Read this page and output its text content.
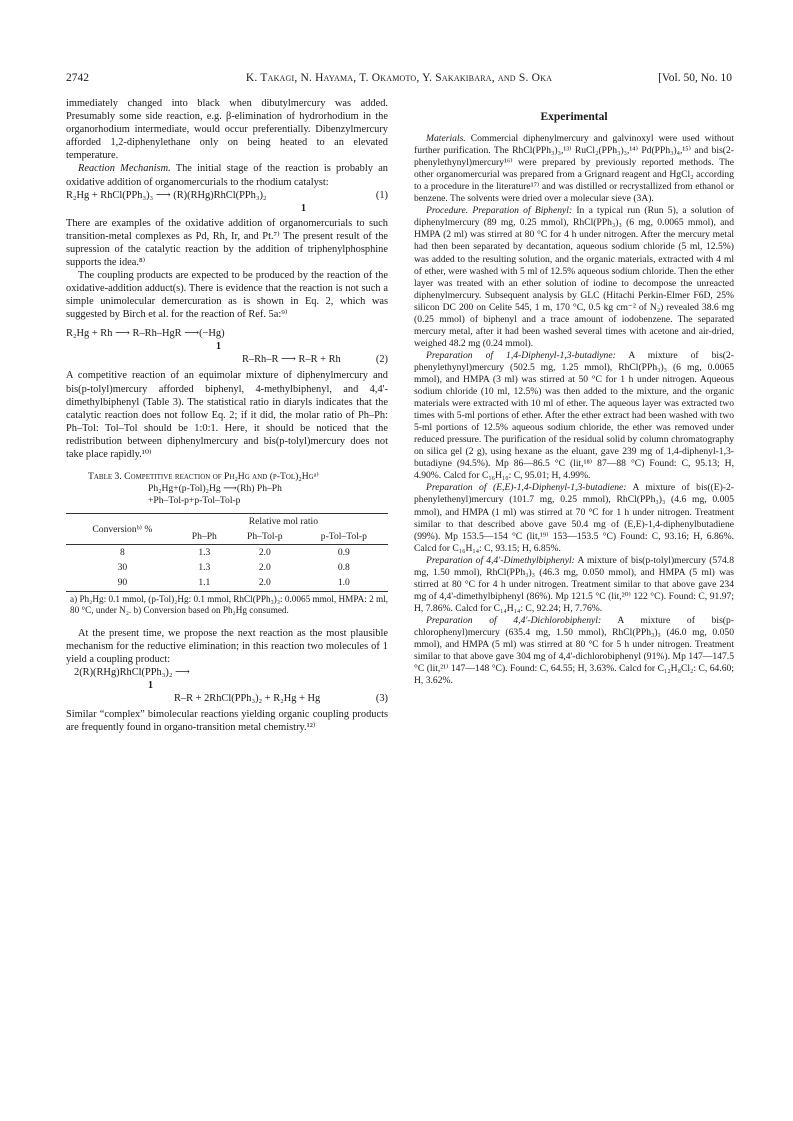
2742	K. Takagi, N. Hayama, T. Okamoto, Y. Sakakibara, and S. Oka	[Vol. 50, No. 10

immediately changed into black when dibutylmercury was added. Presumably some side reaction, e.g. β-elimination of hydrorhodium in the organorhodium intermediate, would occur preferentially. Dibenzylmercury afforded 1,2-diphenylethane only on being heated to an elevated temperature.

Reaction Mechanism. The initial stage of the reaction is probably an oxidative addition of organomercurials to the rhodium catalyst:

R₂Hg + RhCl(PPh₃)₃ ⟶ (R)(RHg)RhCl(PPh₃)₂	(1)
1

There are examples of the oxidative addition of organomercurials to such transition-metal complexes as Pd, Rh, Ir, and Pt.⁷⁾ The present result of the supression of the catalytic reaction by the addition of triphenylphosphine supports the idea.⁸⁾

The coupling products are expected to be produced by the reaction of the oxidative-addition adduct(s). There is evidence that the reaction is not such a simple unimolecular demercuration as is shown in Eq. 2, which was suggested by Birch et al. for the reaction of Ref. 5a:⁹⁾

R₂Hg + Rh ⟶ R–Rh–HgR ⟶(−Hg)
1
R–Rh–R ⟶ R–R + Rh	(2)

A competitive reaction of an equimolar mixture of diphenylmercury and bis(p-tolyl)mercury afforded biphenyl, 4-methylbiphenyl, and 4,4'-dimethylbiphenyl (Table 3). The statistical ratio in diaryls indicates that the catalytic reaction does not follow Eq. 2; if it did, the molar ratio of Ph–Ph: Ph–Tol: Tol–Tol should be 1:0:1. Here, it should be noticed that the redistribution between diphenylmercury and bis(p-tolyl)mercury does not take place rapidly.¹⁰⁾

Table 3. Competitive reaction of Ph₂Hg and (p-Tol)₂Hgᵃ⁾
Ph₂Hg+(p-Tol)₂Hg ⟶(Rh) Ph–Ph
+Ph–Tol-p+p-Tol–Tol-p
Conversionᵇ⁾ %	Relative mol ratio		
	Ph–Ph	Ph–Tol-p	p-Tol–Tol-p
8	1.3	2.0	0.9
30	1.3	2.0	0.8
90	1.1	2.0	1.0
a) Ph₂Hg: 0.1 mmol, (p-Tol)₂Hg: 0.1 mmol, RhCl(PPh₃)₃: 0.0065 mmol, HMPA: 2 ml, 80 °C, under N₂. b) Conversion based on Ph₂Hg consumed.

At the present time, we propose the next reaction as the most plausible mechanism for the reductive elimination; in this reaction two molecules of 1 yield a coupling product:

2(R)(RHg)RhCl(PPh₃)₂ ⟶
1
R–R + 2RhCl(PPh₃)₂ + R₂Hg + Hg	(3)

Similar “complex” bimolecular reactions yielding organic coupling products are frequently found in organo-transition metal chemistry.¹²⁾

Experimental

Materials. Commercial diphenylmercury and galvinoxyl were used without further purification. The RhCl(PPh₃)₃,¹³⁾ RuCl₂(PPh₃)₃,¹⁴⁾ Pd(PPh₃)₄,¹⁵⁾ and bis(2-phenylethynyl)mercury¹⁶⁾ were prepared by previously reported methods. The other organomercurial was prepared from a Grignard reagent and HgCl₂ according to a procedure in the literature¹⁷⁾ and was distilled or recrystallized from ethanol or benzene. The solvents were dried over a molecular sieve (3A).

Procedure. Preparation of Biphenyl: In a typical run (Run 5), a solution of diphenylmercury (89 mg, 0.25 mmol), RhCl(PPh₃)₃ (6 mg, 0.0065 mmol), and HMPA (2 ml) was stirred at 80 °C for 4 h under nitrogen. After the mercury metal had then been separated by decantation, aqueous sodium chloride (5 ml, 12.5%) was added to the resulting solution, and the organic materials, extracted with 4 ml of ether, were washed with 5 ml of 12.5% aqueous sodium chloride. Then the ether layer was treated with an ether solution of iodine to decompose the unreacted diphenylmercury. Subsequent analysis by GLC (Hitachi Perkin-Elmer F6D, 25% silicon DC 200 on Celite 545, 1 m, 170 °C, 0.5 kg cm⁻² of N₂) revealed 38.6 mg (0.25 mmol) of biphenyl and a trace amount of iodobenzene. The separated mercury metal, after it had been washed several times with acetone and air-dried, weighed 48.2 mg (0.24 mmol).

Preparation of 1,4-Diphenyl-1,3-butadiyne: A mixture of bis(2-phenylethynyl)mercury (502.5 mg, 1.25 mmol), RhCl(PPh₃)₃ (6 mg, 0.0065 mmol), and HMPA (3 ml) was stirred at 50 °C for 1 h under nitrogen. Aqueous sodium chloride (10 ml, 12.5%) was then added to the mixture, and the organic materials were extracted with 10 ml of ether. The aqueous layer was extracted two times with 5-ml portions of ether. After the ether extract had been washed with two 5-ml portions of 12.5% aqueous sodium chloride, the ether was removed under reduced pressure. The purification of the residual solid by column chromatography on silica gel (2 g), using hexane as the eluant, gave 239 mg of 1,4-diphenyl-1,3-butadiyne (94.5%). Mp 86—86.5 °C (lit,¹⁸⁾ 87—88 °C) Found: C, 95.13; H, 4.90%. Calcd for C₁₆H₁₀: C, 95.01; H, 4.99%.

Preparation of (E,E)-1,4-Diphenyl-1,3-butadiene: A mixture of bis((E)-2-phenylethenyl)mercury (101.7 mg, 0.25 mmol), RhCl(PPh₃)₃ (4.6 mg, 0.005 mmol), and HMPA (1 ml) was stirred at 70 °C for 1 h under nitrogen. Treatment similar to that described above gave 50.4 mg of (E,E)-1,4-diphenylbutadiene (99%). Mp 153.5—154 °C (lit,¹⁹⁾ 153—153.5 °C) Found: C, 93.16; H, 6.86%. Calcd for C₁₆H₁₄: C, 93.15; H, 6.85%.

Preparation of 4,4'-Dimethylbiphenyl: A mixture of bis(p-tolyl)mercury (574.8 mg, 1.50 mmol), RhCl(PPh₃)₃ (46.3 mg, 0.050 mmol), and HMPA (5 ml) was stirred at 80 °C for 4 h under nitrogen. Treatment similar to that above gave 234 mg of 4,4'-dimethylbiphenyl (86%). Mp 121.5 °C (lit,²⁰⁾ 122 °C). Found: C, 91.97; H, 7.86%. Calcd for C₁₄H₁₄: C, 92.24; H, 7.76%.

Preparation of 4,4'-Dichlorobiphenyl: A mixture of bis(p-chlorophenyl)mercury (635.4 mg, 1.50 mmol), RhCl(PPh₃)₃ (46.0 mg, 0.050 mmol), and HMPA (5 ml) was stirred at 80 °C for 5 h under nitrogen. Treatment similar to that above gave 304 mg of 4,4'-dichlorobiphenyl (91%). Mp 147—147.5 °C (lit,²¹⁾ 147—148 °C). Found: C, 64.55; H, 3.63%. Calcd for C₁₂H₈Cl₂: C, 64.60; H, 3.62%.
